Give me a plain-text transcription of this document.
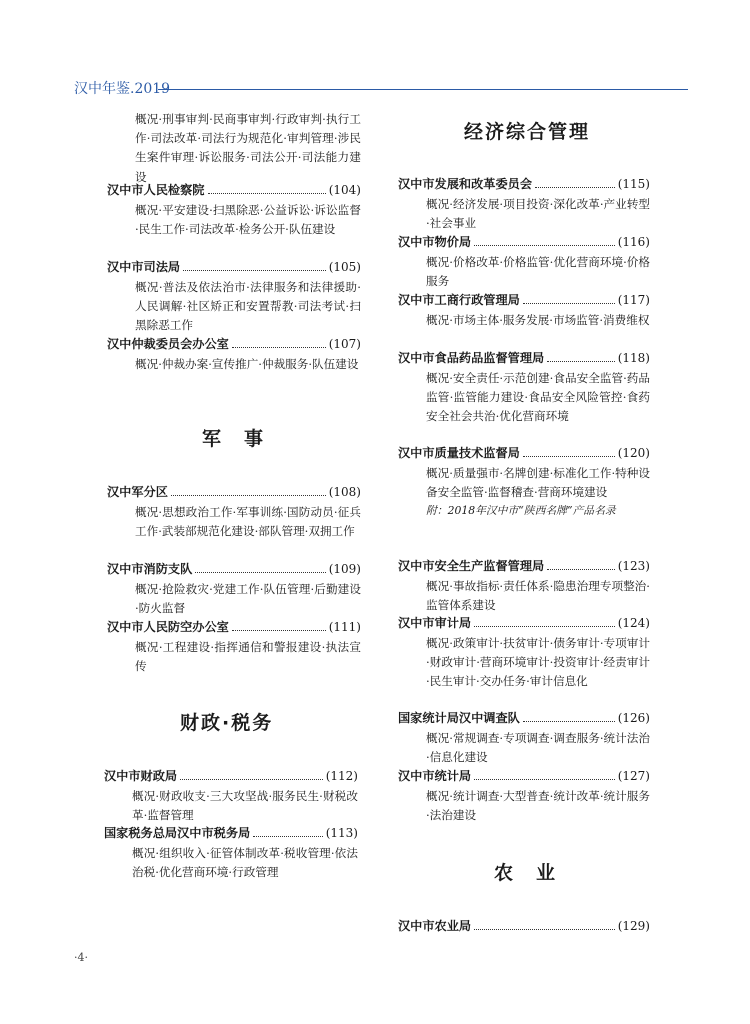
汉中年鉴.2019
概况·刑事审判·民商事审判·行政审判·执行工作·司法改革·司法行为规范化·审判管理·涉民生案件审理·诉讼服务·司法公开·司法能力建设
汉中市人民检察院	(104)
概况·平安建设·扫黑除恶·公益诉讼·诉讼监督·民生工作·司法改革·检务公开·队伍建设
汉中市司法局	(105)
概况·普法及依法治市·法律服务和法律援助·人民调解·社区矫正和安置帮教·司法考试·扫黑除恶工作
汉中仲裁委员会办公室	(107)
概况·仲裁办案·宣传推广·仲裁服务·队伍建设
军　事
汉中军分区	(108)
概况·思想政治工作·军事训练·国防动员·征兵工作·武装部规范化建设·部队管理·双拥工作
汉中市消防支队	(109)
概况·抢险救灾·党建工作·队伍管理·后勤建设·防火监督
汉中市人民防空办公室	(111)
概况·工程建设·指挥通信和警报建设·执法宣传
财政·税务
汉中市财政局	(112)
概况·财政收支·三大攻坚战·服务民生·财税改革·监督管理
国家税务总局汉中市税务局	(113)
概况·组织收入·征管体制改革·税收管理·依法治税·优化营商环境·行政管理
经济综合管理
汉中市发展和改革委员会	(115)
概况·经济发展·项目投资·深化改革·产业转型·社会事业
汉中市物价局	(116)
概况·价格改革·价格监管·优化营商环境·价格服务
汉中市工商行政管理局	(117)
概况·市场主体·服务发展·市场监管·消费维权
汉中市食品药品监督管理局	(118)
概况·安全责任·示范创建·食品安全监管·药品监管·监管能力建设·食品安全风险管控·食药安全社会共治·优化营商环境
汉中市质量技术监督局	(120)
概况·质量强市·名牌创建·标准化工作·特种设备安全监管·监督稽查·营商环境建设
附：2018年汉中市“陕西名牌”产品名录
汉中市安全生产监督管理局	(123)
概况·事故指标·责任体系·隐患治理专项整治·监管体系建设
汉中市审计局	(124)
概况·政策审计·扶贫审计·债务审计·专项审计·财政审计·营商环境审计·投资审计·经责审计·民生审计·交办任务·审计信息化
国家统计局汉中调查队	(126)
概况·常规调查·专项调查·调查服务·统计法治·信息化建设
汉中市统计局	(127)
概况·统计调查·大型普查·统计改革·统计服务·法治建设
农　业
汉中市农业局	(129)
·4·
